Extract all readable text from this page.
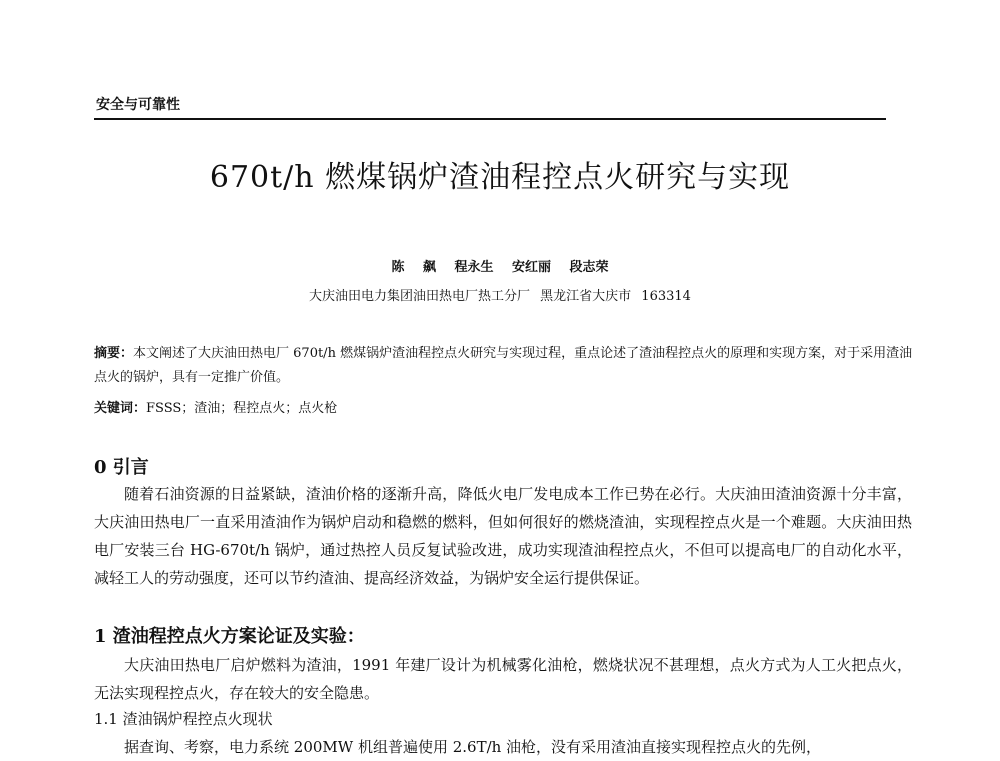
安全与可靠性
670t/h 燃煤锅炉渣油程控点火研究与实现
陈 飙 程永生 安红丽 段志荣
大庆油田电力集团油田热电厂热工分厂 黑龙江省大庆市 163314
摘要：本文阐述了大庆油田热电厂 670t/h 燃煤锅炉渣油程控点火研究与实现过程，重点论述了渣油程控点火的原理和实现方案，对于采用渣油点火的锅炉，具有一定推广价值。
关键词：FSSS；渣油；程控点火；点火枪
0 引言
随着石油资源的日益紧缺，渣油价格的逐渐升高，降低火电厂发电成本工作已势在必行。大庆油田渣油资源十分丰富，大庆油田热电厂一直采用渣油作为锅炉启动和稳燃的燃料，但如何很好的燃烧渣油，实现程控点火是一个难题。大庆油田热电厂安装三台 HG-670t/h 锅炉，通过热控人员反复试验改进，成功实现渣油程控点火，不但可以提高电厂的自动化水平，减轻工人的劳动强度，还可以节约渣油、提高经济效益，为锅炉安全运行提供保证。
1 渣油程控点火方案论证及实验：
大庆油田热电厂启炉燃料为渣油，1991 年建厂设计为机械雾化油枪，燃烧状况不甚理想，点火方式为人工火把点火，无法实现程控点火，存在较大的安全隐患。
1.1 渣油锅炉程控点火现状
据查询、考察，电力系统 200MW 机组普遍使用 2.6T/h 油枪，没有采用渣油直接实现程控点火的先例，
